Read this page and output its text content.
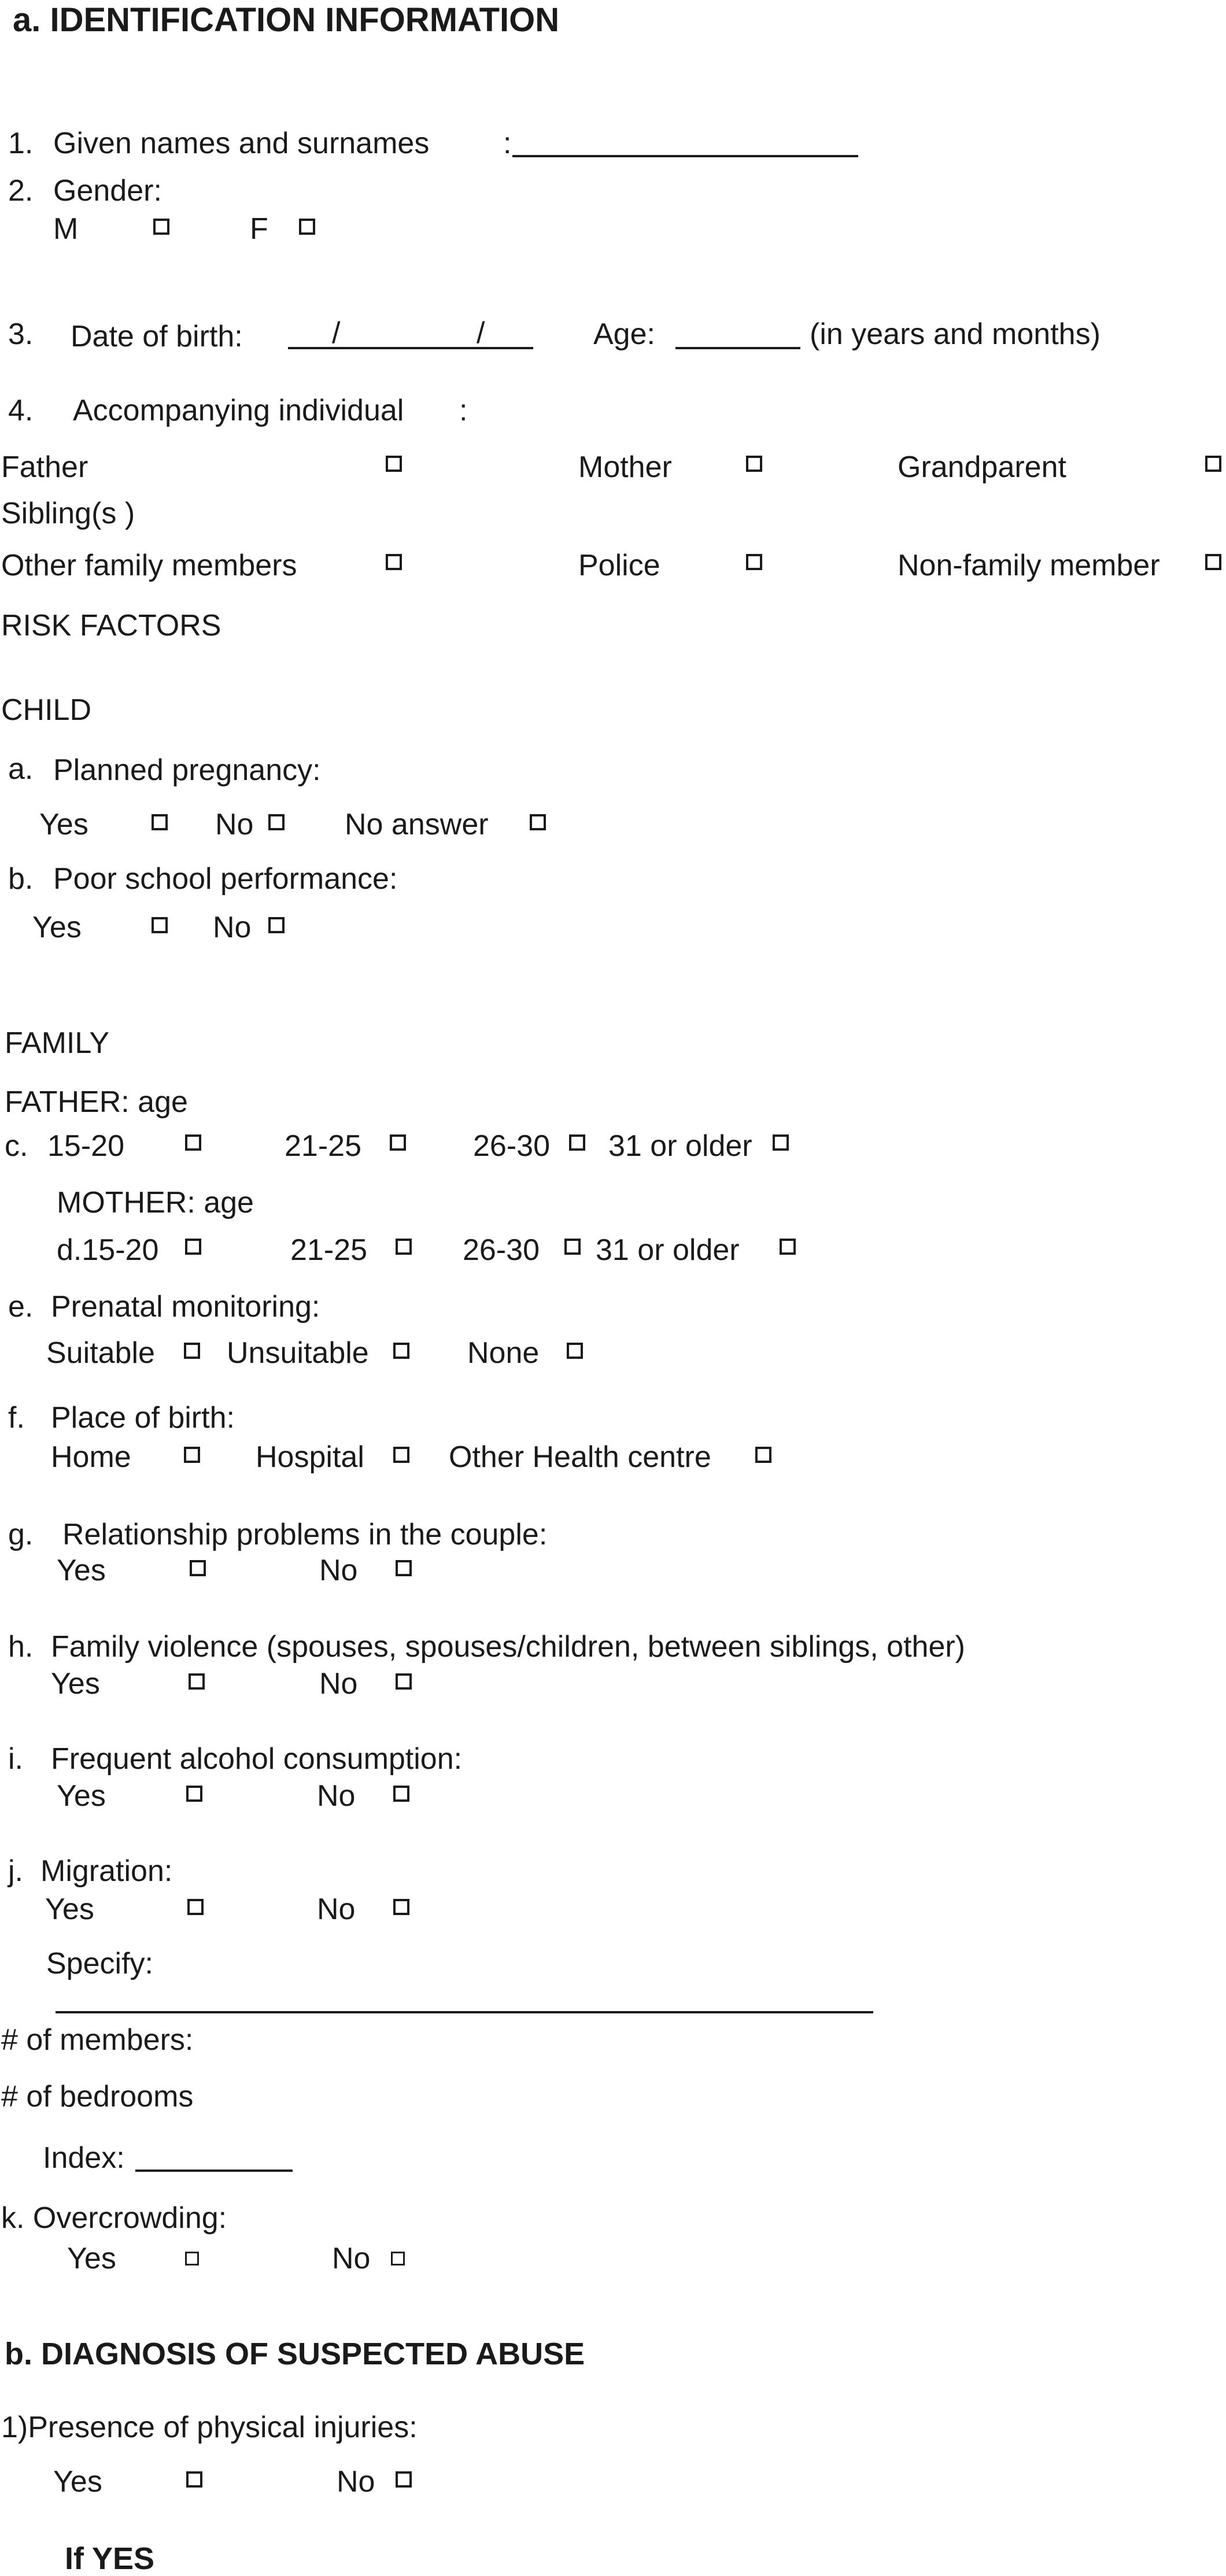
a. IDENTIFICATION INFORMATION
1. Given names and surnames :
2. Gender:
M	F
3. Date of birth:	/	/	Age:	(in years and months)
4. Accompanying individual :
Father	Mother	Grandparent
Sibling(s )
Other family members	Police	Non-family member
RISK FACTORS
CHILD
a. Planned pregnancy:
Yes	No	No answer
b. Poor school performance:
Yes	No
FAMILY
FATHER: age
c. 15-20	21-25	26-30 31 or older
MOTHER: age
d.15-20	21-25	26-30 31 or older
e. Prenatal monitoring:
Suitable Unsuitable	None
f. Place of birth:
Home	Hospital	Other Health centre
g. Relationship problems in the couple:
Yes	No
h. Family violence (spouses, spouses/children, between siblings, other)
Yes	No
i. Frequent alcohol consumption:
Yes	No
j. Migration:
Yes	No
Specify:
# of members:
# of bedrooms
Index:
k. Overcrowding:
Yes	No
b. DIAGNOSIS OF SUSPECTED ABUSE
1)Presence of physical injuries:
Yes	No
If YES
